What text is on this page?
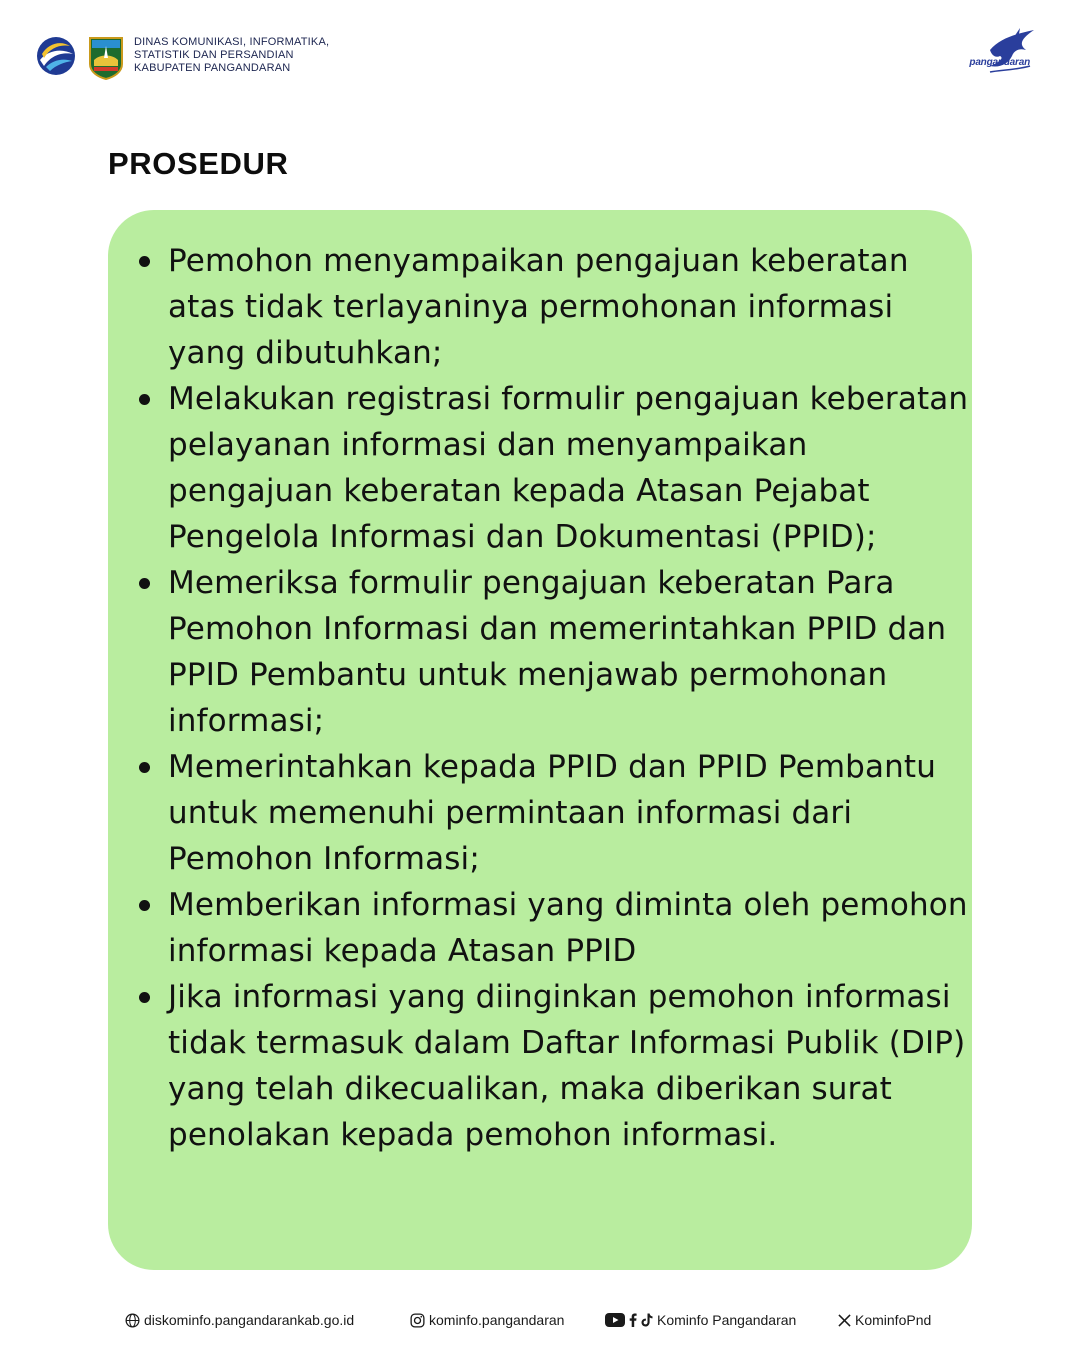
DINAS KOMUNIKASI, INFORMATIKA,
STATISTIK DAN PERSANDIAN
KABUPATEN PANGANDARAN	pangandaran
PROSEDUR
Pemohon menyampaikan pengajuan keberatan atas tidak terlayaninya permohonan informasi yang dibutuhkan;
Melakukan registrasi formulir pengajuan keberatan pelayanan informasi dan menyampaikan pengajuan keberatan kepada Atasan Pejabat Pengelola Informasi dan Dokumentasi (PPID);
Memeriksa formulir pengajuan keberatan Para Pemohon Informasi dan memerintahkan PPID dan PPID Pembantu untuk menjawab permohonan informasi;
Memerintahkan kepada PPID dan PPID Pembantu untuk memenuhi permintaan informasi dari Pemohon Informasi;
Memberikan informasi yang diminta oleh pemohon informasi kepada Atasan PPID
Jika informasi yang diinginkan pemohon informasi tidak termasuk dalam Daftar Informasi Publik (DIP) yang telah dikecualikan, maka diberikan surat penolakan kepada pemohon informasi.
diskominfo.pangandarankab.go.id	kominfo.pangandaran	Kominfo Pangandaran	KominfoPnd
